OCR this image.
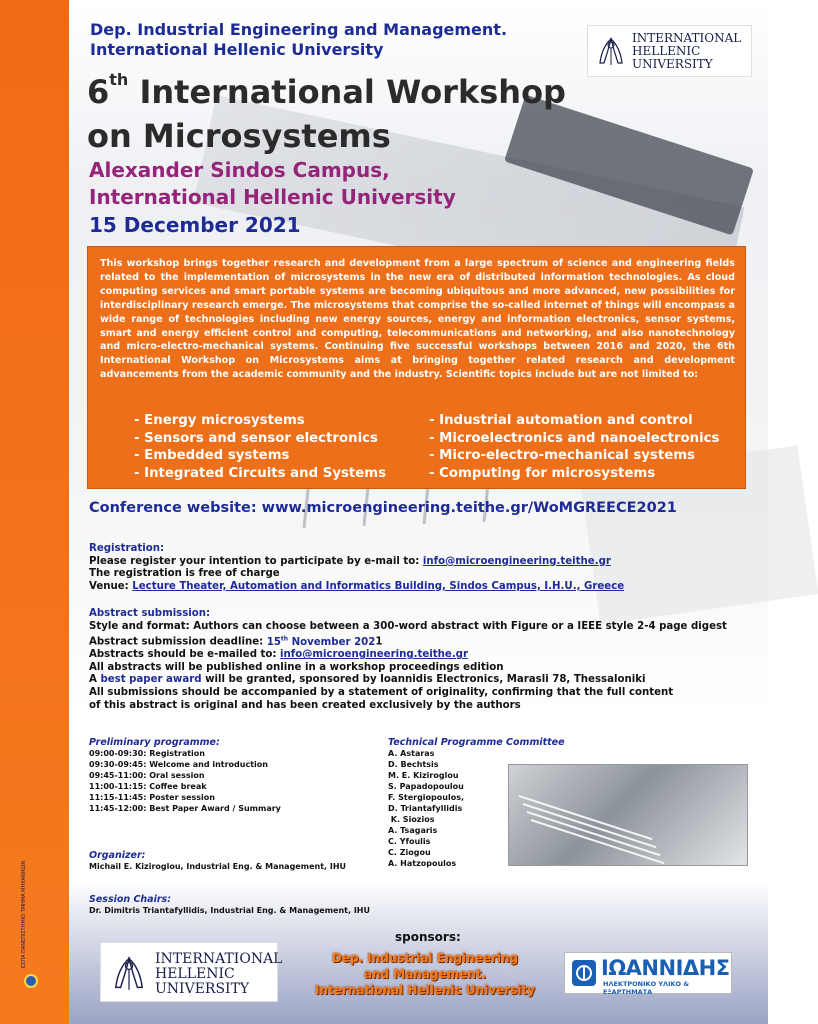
ΕΣΠΑ ΠΑΝΕΠΙΣΤΗΜΙΟ ΤΜΗΜΑ ΜΗΧΑΝΙΚΩΝ
Dep. Industrial Engineering and Management.
International Hellenic University
INTERNATIONAL
HELLENIC
UNIVERSITY
6th International Workshop
on Microsystems
Alexander Sindos Campus,
International Hellenic University
15 December 2021
This workshop brings together research and development from a large spectrum of science and engineering fields related to the implementation of microsystems in the new era of distributed information technologies. As cloud computing services and smart portable systems are becoming ubiquitous and more advanced, new possibilities for interdisciplinary research emerge. The microsystems that comprise the so-called internet of things will encompass a wide range of technologies including new energy sources, energy and information electronics, sensor systems, smart and energy efficient control and computing, telecommunications and networking, and also nanotechnology and micro-electro-mechanical systems. Continuing five successful workshops between 2016 and 2020, the 6th International Workshop on Microsystems aims at bringing together related research and development advancements from the academic community and the industry. Scientific topics include but are not limited to:
- Energy microsystems
- Sensors and sensor electronics
- Embedded systems
- Integrated Circuits and Systems
- Industrial automation and control
- Microelectronics and nanoelectronics
- Micro-electro-mechanical systems
- Computing for microsystems
Conference website: www.microengineering.teithe.gr/WoMGREECE2021
Registration:
Please register your intention to participate by e-mail to: info@microengineering.teithe.gr
The registration is free of charge
Venue: Lecture Theater, Automation and Informatics Building, Sindos Campus, I.H.U., Greece
Abstract submission:
Style and format: Authors can choose between a 300-word abstract with Figure or a IEEE style 2-4 page digest
Abstract submission deadline: 15th November 2021
Abstracts should be e-mailed to: info@microengineering.teithe.gr
All abstracts will be published online in a workshop proceedings edition
A best paper award will be granted, sponsored by Ioannidis Electronics, Marasli 78, Thessaloniki
All submissions should be accompanied by a statement of originality, confirming that the full content
of this abstract is original and has been created exclusively by the authors
Preliminary programme:
09:00-09:30: Registration
09:30-09:45: Welcome and introduction
09:45-11:00: Oral session
11:00-11:15: Coffee break
11:15-11:45: Poster session
11:45-12:00: Best Paper Award / Summary
Technical Programme Committee
A. Astaras
D. Bechtsis
M. E. Kiziroglou
S. Papadopoulou
F. Stergiopoulos,
D. Triantafyllidis
K. Siozios
A. Tsagaris
C. Yfoulis
C. Ziogou
A. Hatzopoulos
Organizer:
Michail E. Kiziroglou, Industrial Eng. & Management, IHU
Session Chairs:
Dr. Dimitris Triantafyllidis, Industrial Eng. & Management, IHU
sponsors:
INTERNATIONAL
HELLENIC
UNIVERSITY
Dep. Industrial Engineering
and Management.
International Hellenic University
ΙΩΑΝΝΙΔΗΣ
ΗΛΕΚΤΡΟΝΙΚΟ ΥΛΙΚΟ & ΕΞΑΡΤΗΜΑΤΑ
